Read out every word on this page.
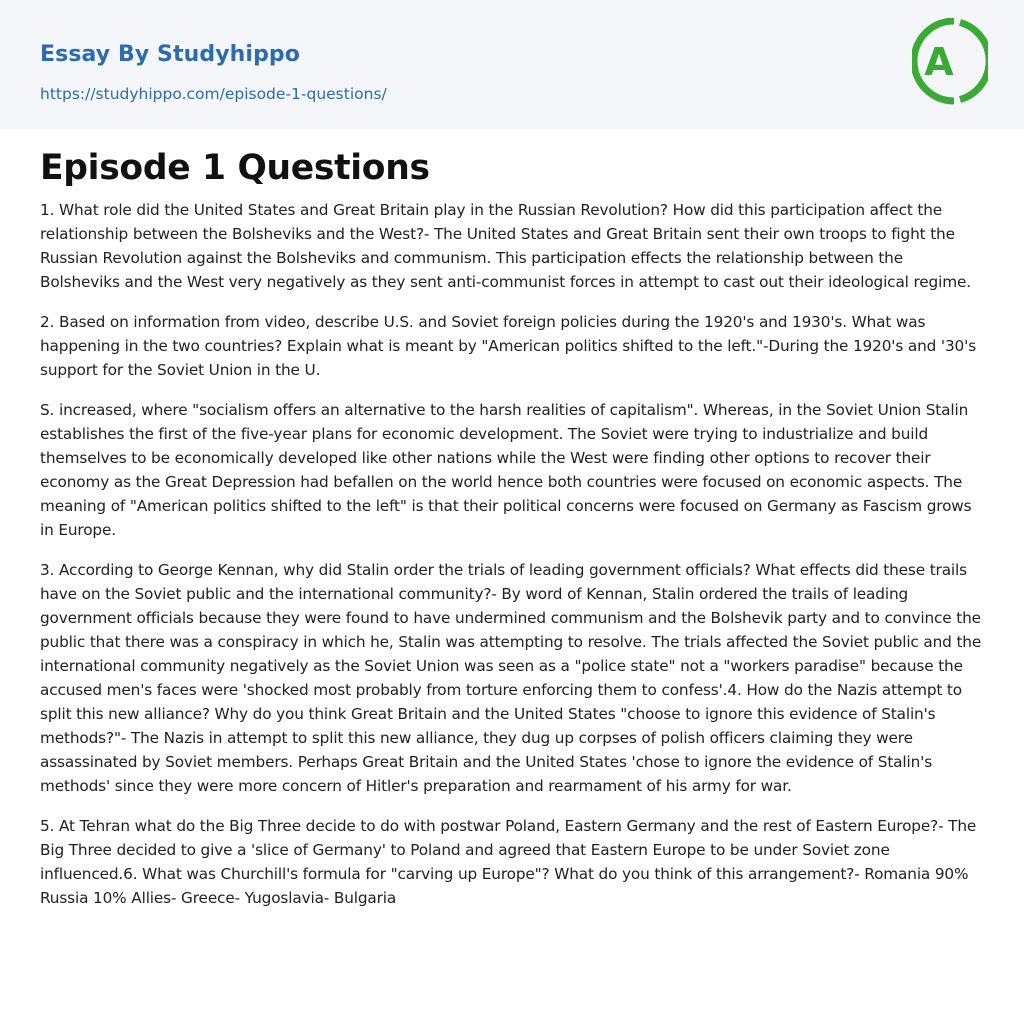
Essay By Studyhippo
https://studyhippo.com/episode-1-questions/
A
Episode 1 Questions

1. What role did the United States and Great Britain play in the Russian Revolution? How did this participation affect the relationship between the Bolsheviks and the West?- The United States and Great Britain sent their own troops to fight the Russian Revolution against the Bolsheviks and communism. This participation effects the relationship between the Bolsheviks and the West very negatively as they sent anti-communist forces in attempt to cast out their ideological regime.

2. Based on information from video, describe U.S. and Soviet foreign policies during the 1920's and 1930's. What was happening in the two countries? Explain what is meant by "American politics shifted to the left."-During the 1920's and '30's support for the Soviet Union in the U.

S. increased, where "socialism offers an alternative to the harsh realities of capitalism". Whereas, in the Soviet Union Stalin establishes the first of the five-year plans for economic development. The Soviet were trying to industrialize and build themselves to be economically developed like other nations while the West were finding other options to recover their economy as the Great Depression had befallen on the world hence both countries were focused on economic aspects. The meaning of "American politics shifted to the left" is that their political concerns were focused on Germany as Fascism grows in Europe.

3. According to George Kennan, why did Stalin order the trials of leading government officials? What effects did these trails have on the Soviet public and the international community?- By word of Kennan, Stalin ordered the trails of leading government officials because they were found to have undermined communism and the Bolshevik party and to convince the public that there was a conspiracy in which he, Stalin was attempting to resolve. The trials affected the Soviet public and the international community negatively as the Soviet Union was seen as a "police state" not a "workers paradise" because the accused men's faces were 'shocked most probably from torture enforcing them to confess'.4. How do the Nazis attempt to split this new alliance? Why do you think Great Britain and the United States "choose to ignore this evidence of Stalin's methods?"- The Nazis in attempt to split this new alliance, they dug up corpses of polish officers claiming they were assassinated by Soviet members. Perhaps Great Britain and the United States 'chose to ignore the evidence of Stalin's methods' since they were more concern of Hitler's preparation and rearmament of his army for war.

5. At Tehran what do the Big Three decide to do with postwar Poland, Eastern Germany and the rest of Eastern Europe?- The Big Three decided to give a 'slice of Germany' to Poland and agreed that Eastern Europe to be under Soviet zone influenced.6. What was Churchill's formula for "carving up Europe"? What do you think of this arrangement?- Romania 90% Russia 10% Allies- Greece- Yugoslavia- Bulgaria
